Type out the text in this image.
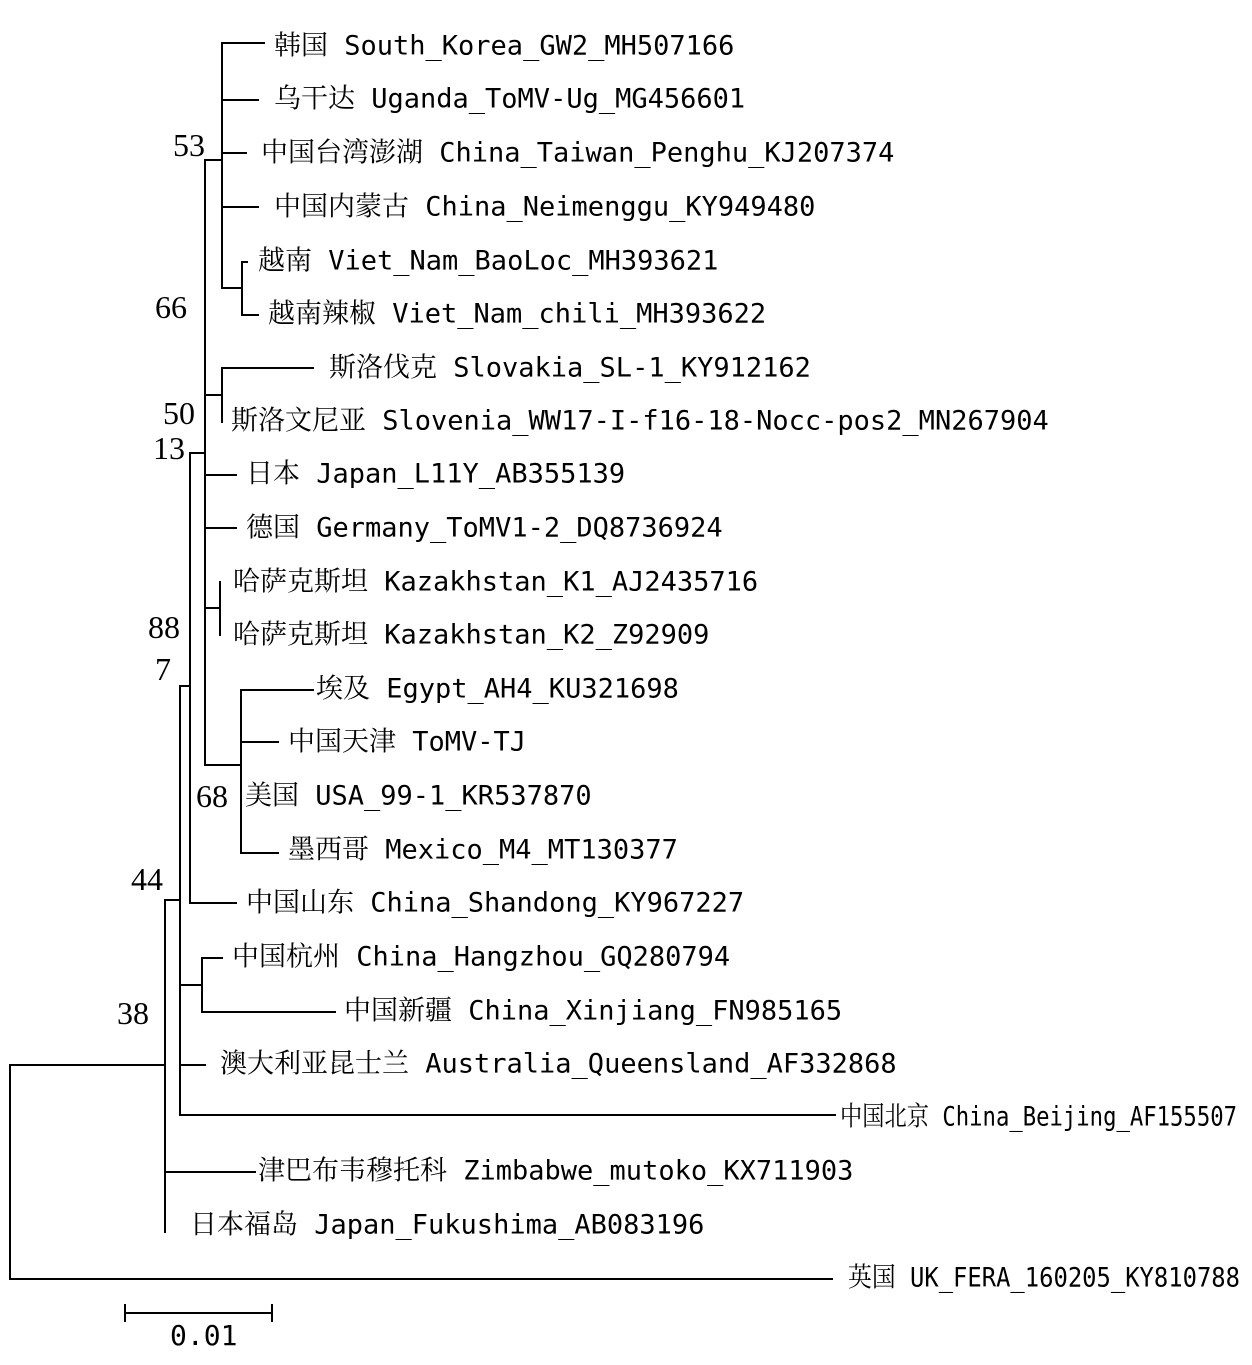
韩国 South_Korea_GW2_MH507166
乌干达 Uganda_ToMV-Ug_MG456601
中国台湾澎湖 China_Taiwan_Penghu_KJ207374
中国内蒙古 China_Neimenggu_KY949480
越南 Viet_Nam_BaoLoc_MH393621
越南辣椒 Viet_Nam_chili_MH393622
斯洛伐克 Slovakia_SL-1_KY912162
斯洛文尼亚 Slovenia_WW17-I-f16-18-Nocc-pos2_MN267904
日本 Japan_L11Y_AB355139
德国 Germany_ToMV1-2_DQ8736924
哈萨克斯坦 Kazakhstan_K1_AJ2435716
哈萨克斯坦 Kazakhstan_K2_Z92909
埃及 Egypt_AH4_KU321698
中国天津 ToMV-TJ
美国 USA_99-1_KR537870
墨西哥 Mexico_M4_MT130377
中国山东 China_Shandong_KY967227
中国杭州 China_Hangzhou_GQ280794
中国新疆 China_Xinjiang_FN985165
澳大利亚昆士兰 Australia_Queensland_AF332868
中国北京 China_Beijing_AF155507
津巴布韦穆托科 Zimbabwe_mutoko_KX711903
日本福岛 Japan_Fukushima_AB083196
英国 UK_FERA_160205_KY810788
53
66
50
13
88
7
68
44
38
0.01
